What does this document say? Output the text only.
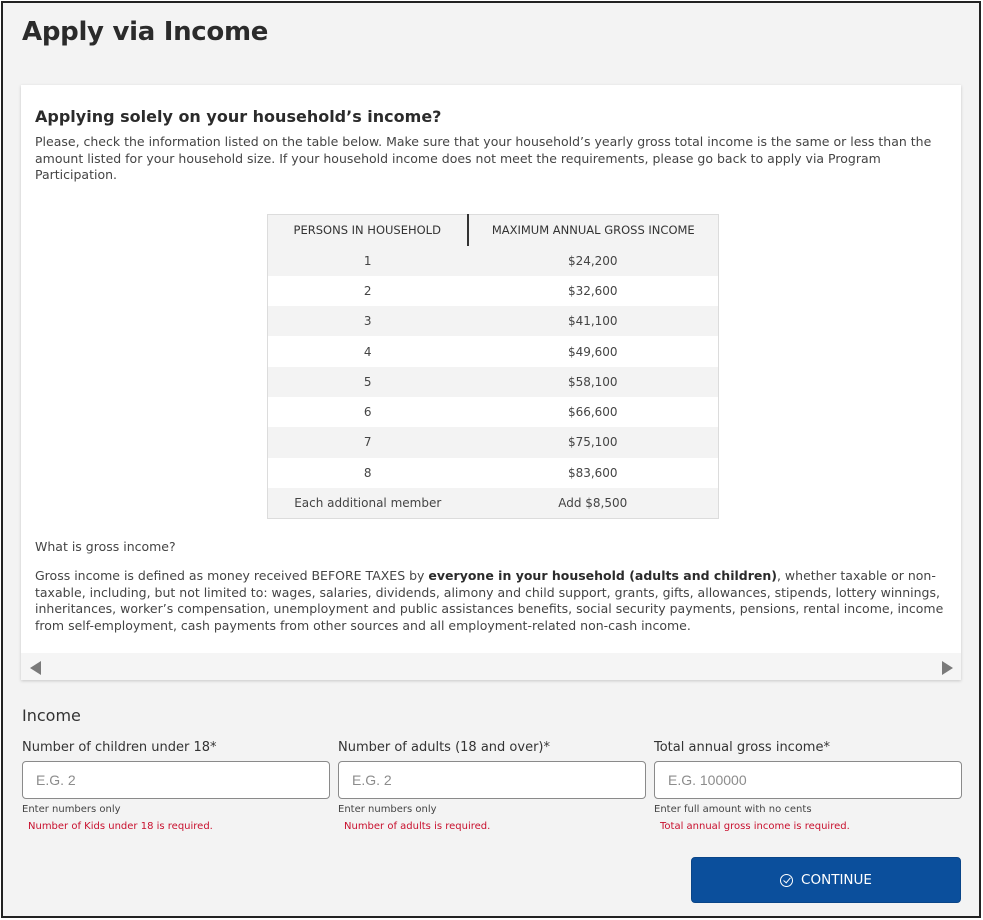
Apply via Income
Applying solely on your household’s income?

Please, check the information listed on the table below. Make sure that your household’s yearly gross total income is the same or less than the amount listed for your household size. If your household income does not meet the requirements, please go back to apply via Program Participation.

PERSONS IN HOUSEHOLD	MAXIMUM ANNUAL GROSS INCOME
1	$24,200
2	$32,600
3	$41,100
4	$49,600
5	$58,100
6	$66,600
7	$75,100
8	$83,600
Each additional member	Add $8,500

What is gross income?

Gross income is defined as money received BEFORE TAXES by everyone in your household (adults and children), whether taxable or non-taxable, including, but not limited to: wages, salaries, dividends, alimony and child support, grants, gifts, allowances, stipends, lottery winnings, inheritances, worker’s compensation, unemployment and public assistances benefits, social security payments, pensions, rental income, income from self-employment, cash payments from other sources and all employment-related non-cash income.

Income
Number of children under 18*
E.G. 2
Enter numbers only
Number of Kids under 18 is required.
Number of adults (18 and over)*
E.G. 2
Enter numbers only
Number of adults is required.
Total annual gross income*
E.G. 100000
Enter full amount with no cents
Total annual gross income is required.
CONTINUE
